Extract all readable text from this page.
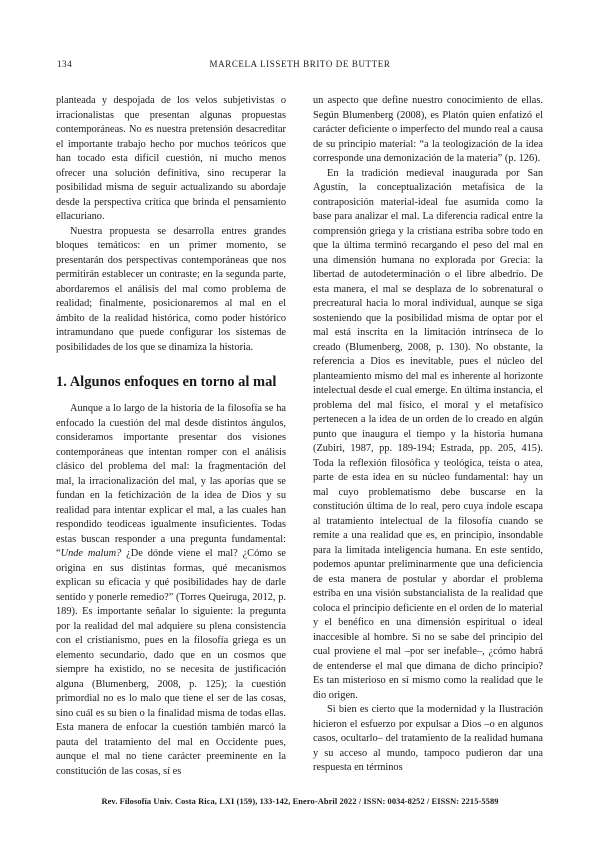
134	MARCELA LISSETH BRITO DE BUTTER

planteada y despojada de los velos subjetivistas o irracionalistas que presentan algunas propuestas contemporáneas. No es nuestra pretensión desacreditar el importante trabajo hecho por muchos teóricos que han tocado esta difícil cuestión, ni mucho menos ofrecer una solución definitiva, sino recuperar la posibilidad misma de seguir actualizando su abordaje desde la perspectiva crítica que brinda el pensamiento ellacuriano.

Nuestra propuesta se desarrolla entres grandes bloques temáticos: en un primer momento, se presentarán dos perspectivas contemporáneas que nos permitirán establecer un contraste; en la segunda parte, abordaremos el análisis del mal como problema de realidad; finalmente, posicionaremos al mal en el ámbito de la realidad histórica, como poder histórico intramundano que puede configurar los sistemas de posibilidades de los que se dinamiza la historia.

1. Algunos enfoques en torno al mal

Aunque a lo largo de la historia de la filosofía se ha enfocado la cuestión del mal desde distintos ángulos, consideramos importante presentar dos visiones contemporáneas que intentan romper con el análisis clásico del problema del mal: la fragmentación del mal, la irracionalización del mal, y las aporías que se fundan en la fetichización de la idea de Dios y su realidad para intentar explicar el mal, a las cuales han respondido teodiceas igualmente insuficientes. Todas estas buscan responder a una pregunta fundamental: “Unde malum? ¿De dónde viene el mal? ¿Cómo se origina en sus distintas formas, qué mecanismos explican su eficacia y qué posibilidades hay de darle sentido y ponerle remedio?” (Torres Queiruga, 2012, p. 189). Es importante señalar lo siguiente: la pregunta por la realidad del mal adquiere su plena consistencia con el cristianismo, pues en la filosofía griega es un elemento secundario, dado que en un cosmos que siempre ha existido, no se necesita de justificación alguna (Blumenberg, 2008, p. 125); la cuestión primordial no es lo malo que tiene el ser de las cosas, sino cuál es su bien o la finalidad misma de todas ellas. Esta manera de enfocar la cuestión también marcó la pauta del tratamiento del mal en Occidente pues, aunque el mal no tiene carácter preeminente en la constitución de las cosas, sí es

un aspecto que define nuestro conocimiento de ellas. Según Blumenberg (2008), es Platón quien enfatizó el carácter deficiente o imperfecto del mundo real a causa de su principio material: “a la teologización de la idea corresponde una demonización de la materia” (p. 126).

En la tradición medieval inaugurada por San Agustín, la conceptualización metafísica de la contraposición material-ideal fue asumida como la base para analizar el mal. La diferencia radical entre la comprensión griega y la cristiana estriba sobre todo en que la última terminó recargando el peso del mal en una dimensión humana no explorada por Grecia: la libertad de autodeterminación o el libre albedrío. De esta manera, el mal se desplaza de lo sobrenatural o precreatural hacia lo moral individual, aunque se siga sosteniendo que la posibilidad misma de optar por el mal está inscrita en la limitación intrínseca de lo creado (Blumenberg, 2008, p. 130). No obstante, la referencia a Dios es inevitable, pues el núcleo del planteamiento mismo del mal es inherente al horizonte intelectual desde el cual emerge. En última instancia, el problema del mal físico, el moral y el metafísico pertenecen a la idea de un orden de lo creado en algún punto que inaugura el tiempo y la historia humana (Zubiri, 1987, pp. 189-194; Estrada, pp. 205, 415). Toda la reflexión filosófica y teológica, teísta o atea, parte de esta idea en su núcleo fundamental: hay un mal cuyo problematismo debe buscarse en la constitución última de lo real, pero cuya índole escapa al tratamiento intelectual de la filosofía cuando se remite a una realidad que es, en principio, insondable para la limitada inteligencia humana. En este sentido, podemos apuntar preliminarmente que una deficiencia de esta manera de postular y abordar el problema estriba en una visión substancialista de la realidad que coloca el principio deficiente en el orden de lo material y el benéfico en una dimensión espiritual o ideal inaccesible al hombre. Si no se sabe del principio del cual proviene el mal –por ser inefable–, ¿cómo habrá de entenderse el mal que dimana de dicho principio? Es tan misterioso en sí mismo como la realidad que le dio origen.

Si bien es cierto que la modernidad y la Ilustración hicieron el esfuerzo por expulsar a Dios –o en algunos casos, ocultarlo– del tratamiento de la realidad humana y su acceso al mundo, tampoco pudieron dar una respuesta en términos

Rev. Filosofía Univ. Costa Rica, LXI (159), 133-142, Enero-Abril 2022 / ISSN: 0034-8252 / EISSN: 2215-5589
